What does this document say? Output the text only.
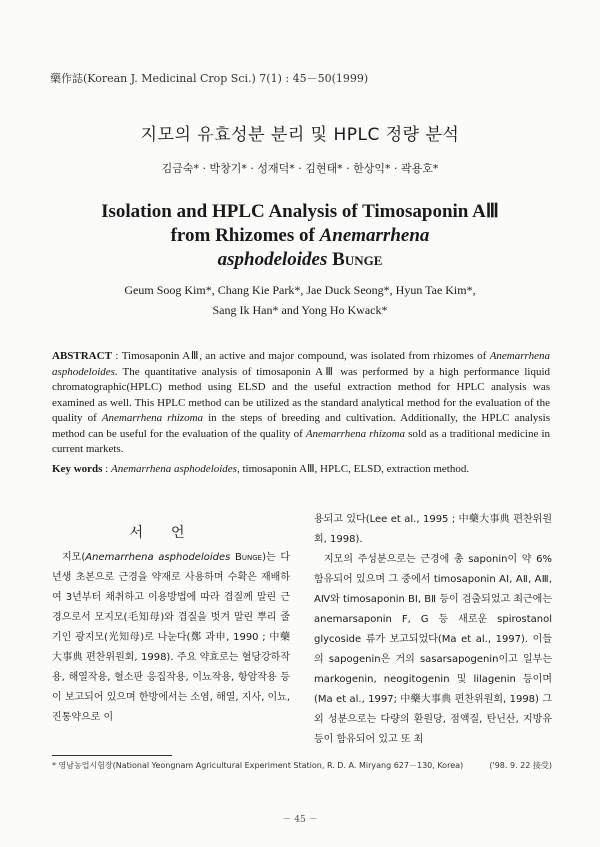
藥作誌(Korean J. Medicinal Crop Sci.) 7(1) : 45－50(1999)
지모의 유효성분 분리 및 HPLC 정량 분석
김금숙* · 박창기* · 성재덕* · 김현태* · 한상익* · 곽용호*
Isolation and HPLC Analysis of Timosaponin AⅢ
from Rhizomes of Anemarrhena
asphodeloides Bunge
Geum Soog Kim*, Chang Kie Park*, Jae Duck Seong*, Hyun Tae Kim*,
Sang Ik Han* and Yong Ho Kwack*
ABSTRACT : Timosaponin AⅢ, an active and major compound, was isolated from rhizomes of Anemarrhena asphodeloides. The quantitative analysis of timosaponin AⅢ was performed by a high performance liquid chromatographic(HPLC) method using ELSD and the useful extraction method for HPLC analysis was examined as well. This HPLC method can be utilized as the standard analytical method for the evaluation of the quality of Anemarrhena rhizoma in the steps of breeding and cultivation. Additionally, the HPLC analysis method can be useful for the evaluation of the quality of Anemarrhena rhizoma sold as a traditional medicine in current markets.
Key words : Anemarrhena asphodeloides, timosaponin AⅢ, HPLC, ELSD, extraction method.
서언

지모(Anemarrhena asphodeloides Bunge)는 다년생 초본으로 근경을 약재로 사용하며 수확은 재배하여 3년부터 채취하고 이용방법에 따라 겹질께 말린 근경으로서 모지모(毛知母)와 겹질을 벗겨 말린 뿌리 줄기인 광지모(光知母)로 나눈다(鄭 과申, 1990 ; 中藥大事典 편찬위원회, 1998). 주요 약효로는 혈당강하작용, 해열작용, 혈소판 응집작용, 이뇨작용, 항암작용 등이 보고되어 있으며 한방에서는 소염, 해열, 지사, 이뇨, 진통약으로 이

용되고 있다(Lee et al., 1995 ; 中藥大事典 편찬위원회, 1998).

지모의 주성분으로는 근경에 총 saponin이 약 6% 함유되어 있으며 그 중에서 timosaponin AⅠ, AⅡ, AⅢ, AⅣ와 timosaponin BⅠ, BⅡ 등이 검출되었고 최근에는 anemarsaponin F, G 등 새로운 spirostanol glycoside 류가 보고되었다(Ma et al., 1997). 이들의 sapogenin은 거의 sasarsapogenin이고 일부는 markogenin, neogitogenin 및 lilagenin 등이며(Ma et al., 1997; 中藥大事典 편찬위원회, 1998) 그외 성분으로는 다량의 환원당, 점액질, 탄닌산, 지방유 등이 함유되어 있고 또 최

* 영남농업시험장(National Yeongnam Agricultural Experiment Station, R. D. A. Miryang 627－130, Korea)	('98. 9. 22 接受)
－ 45 －
